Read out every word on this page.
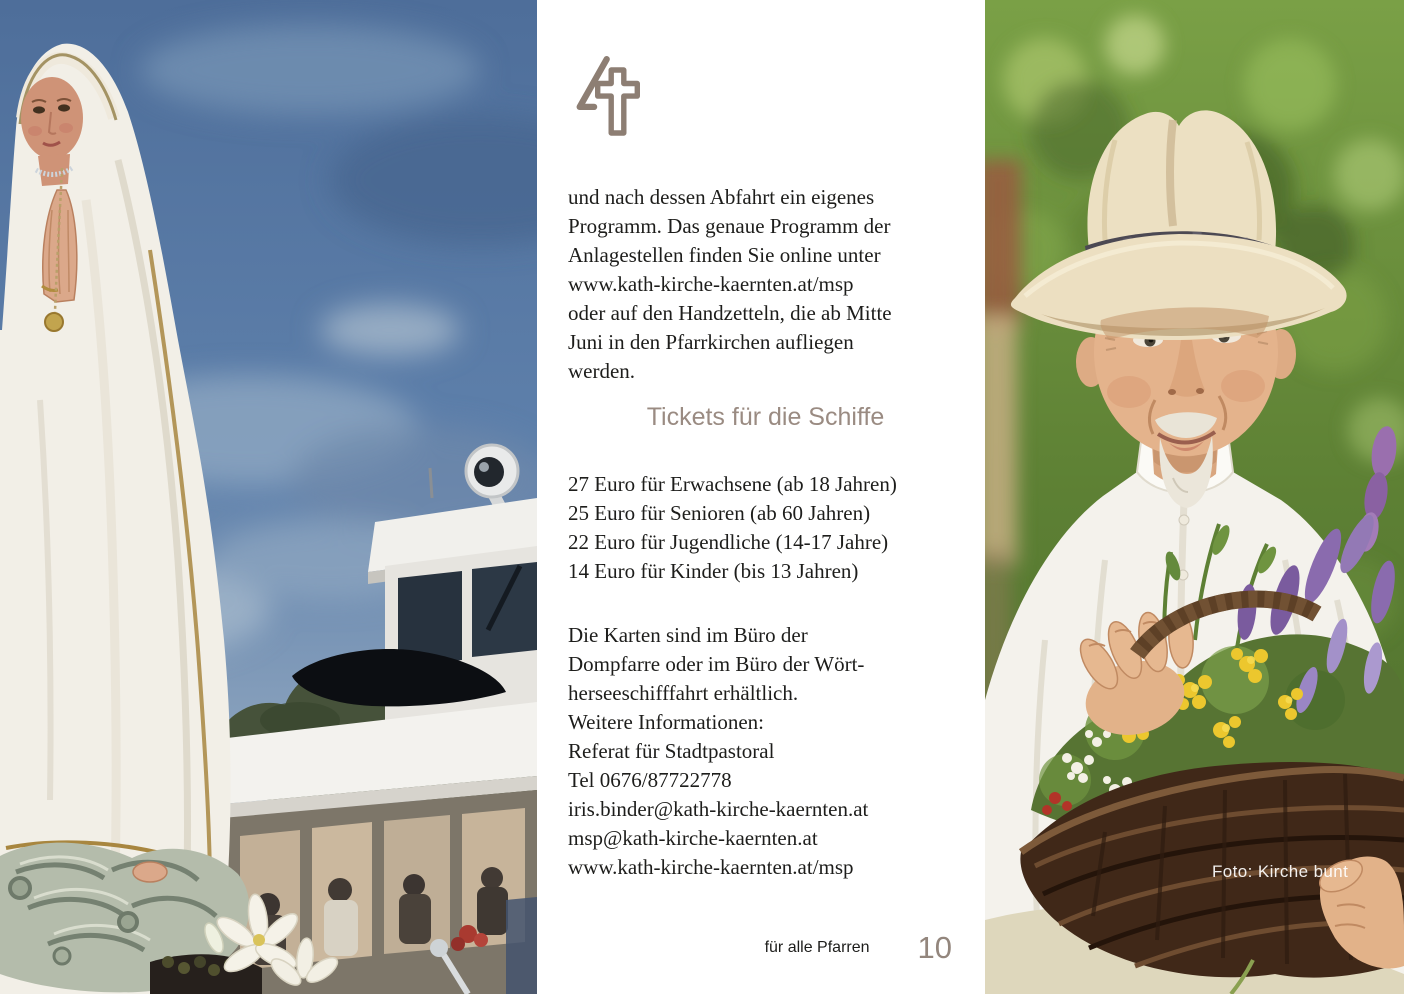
und nach dessen Abfahrt ein eigenes
Programm. Das genaue Programm der
Anlagestellen finden Sie online unter
www.kath-kirche-kaernten.at/msp
oder auf den Handzetteln, die ab Mitte
Juni in den Pfarrkirchen aufliegen
werden.
Tickets für die Schiffe
27 Euro für Erwachsene (ab 18 Jahren)
25 Euro für Senioren (ab 60 Jahren)
22 Euro für Jugendliche (14-17 Jahre)
14 Euro für Kinder (bis 13 Jahren)
Die Karten sind im Büro der
Dompfarre oder im Büro der Wört-
herseeschifffahrt erhältlich.
Weitere Informationen:
Referat für Stadtpastoral
Tel 0676/87722778
iris.binder@kath-kirche-kaernten.at
msp@kath-kirche-kaernten.at
www.kath-kirche-kaernten.at/msp
für alle Pfarren 10
Foto: Kirche bunt
